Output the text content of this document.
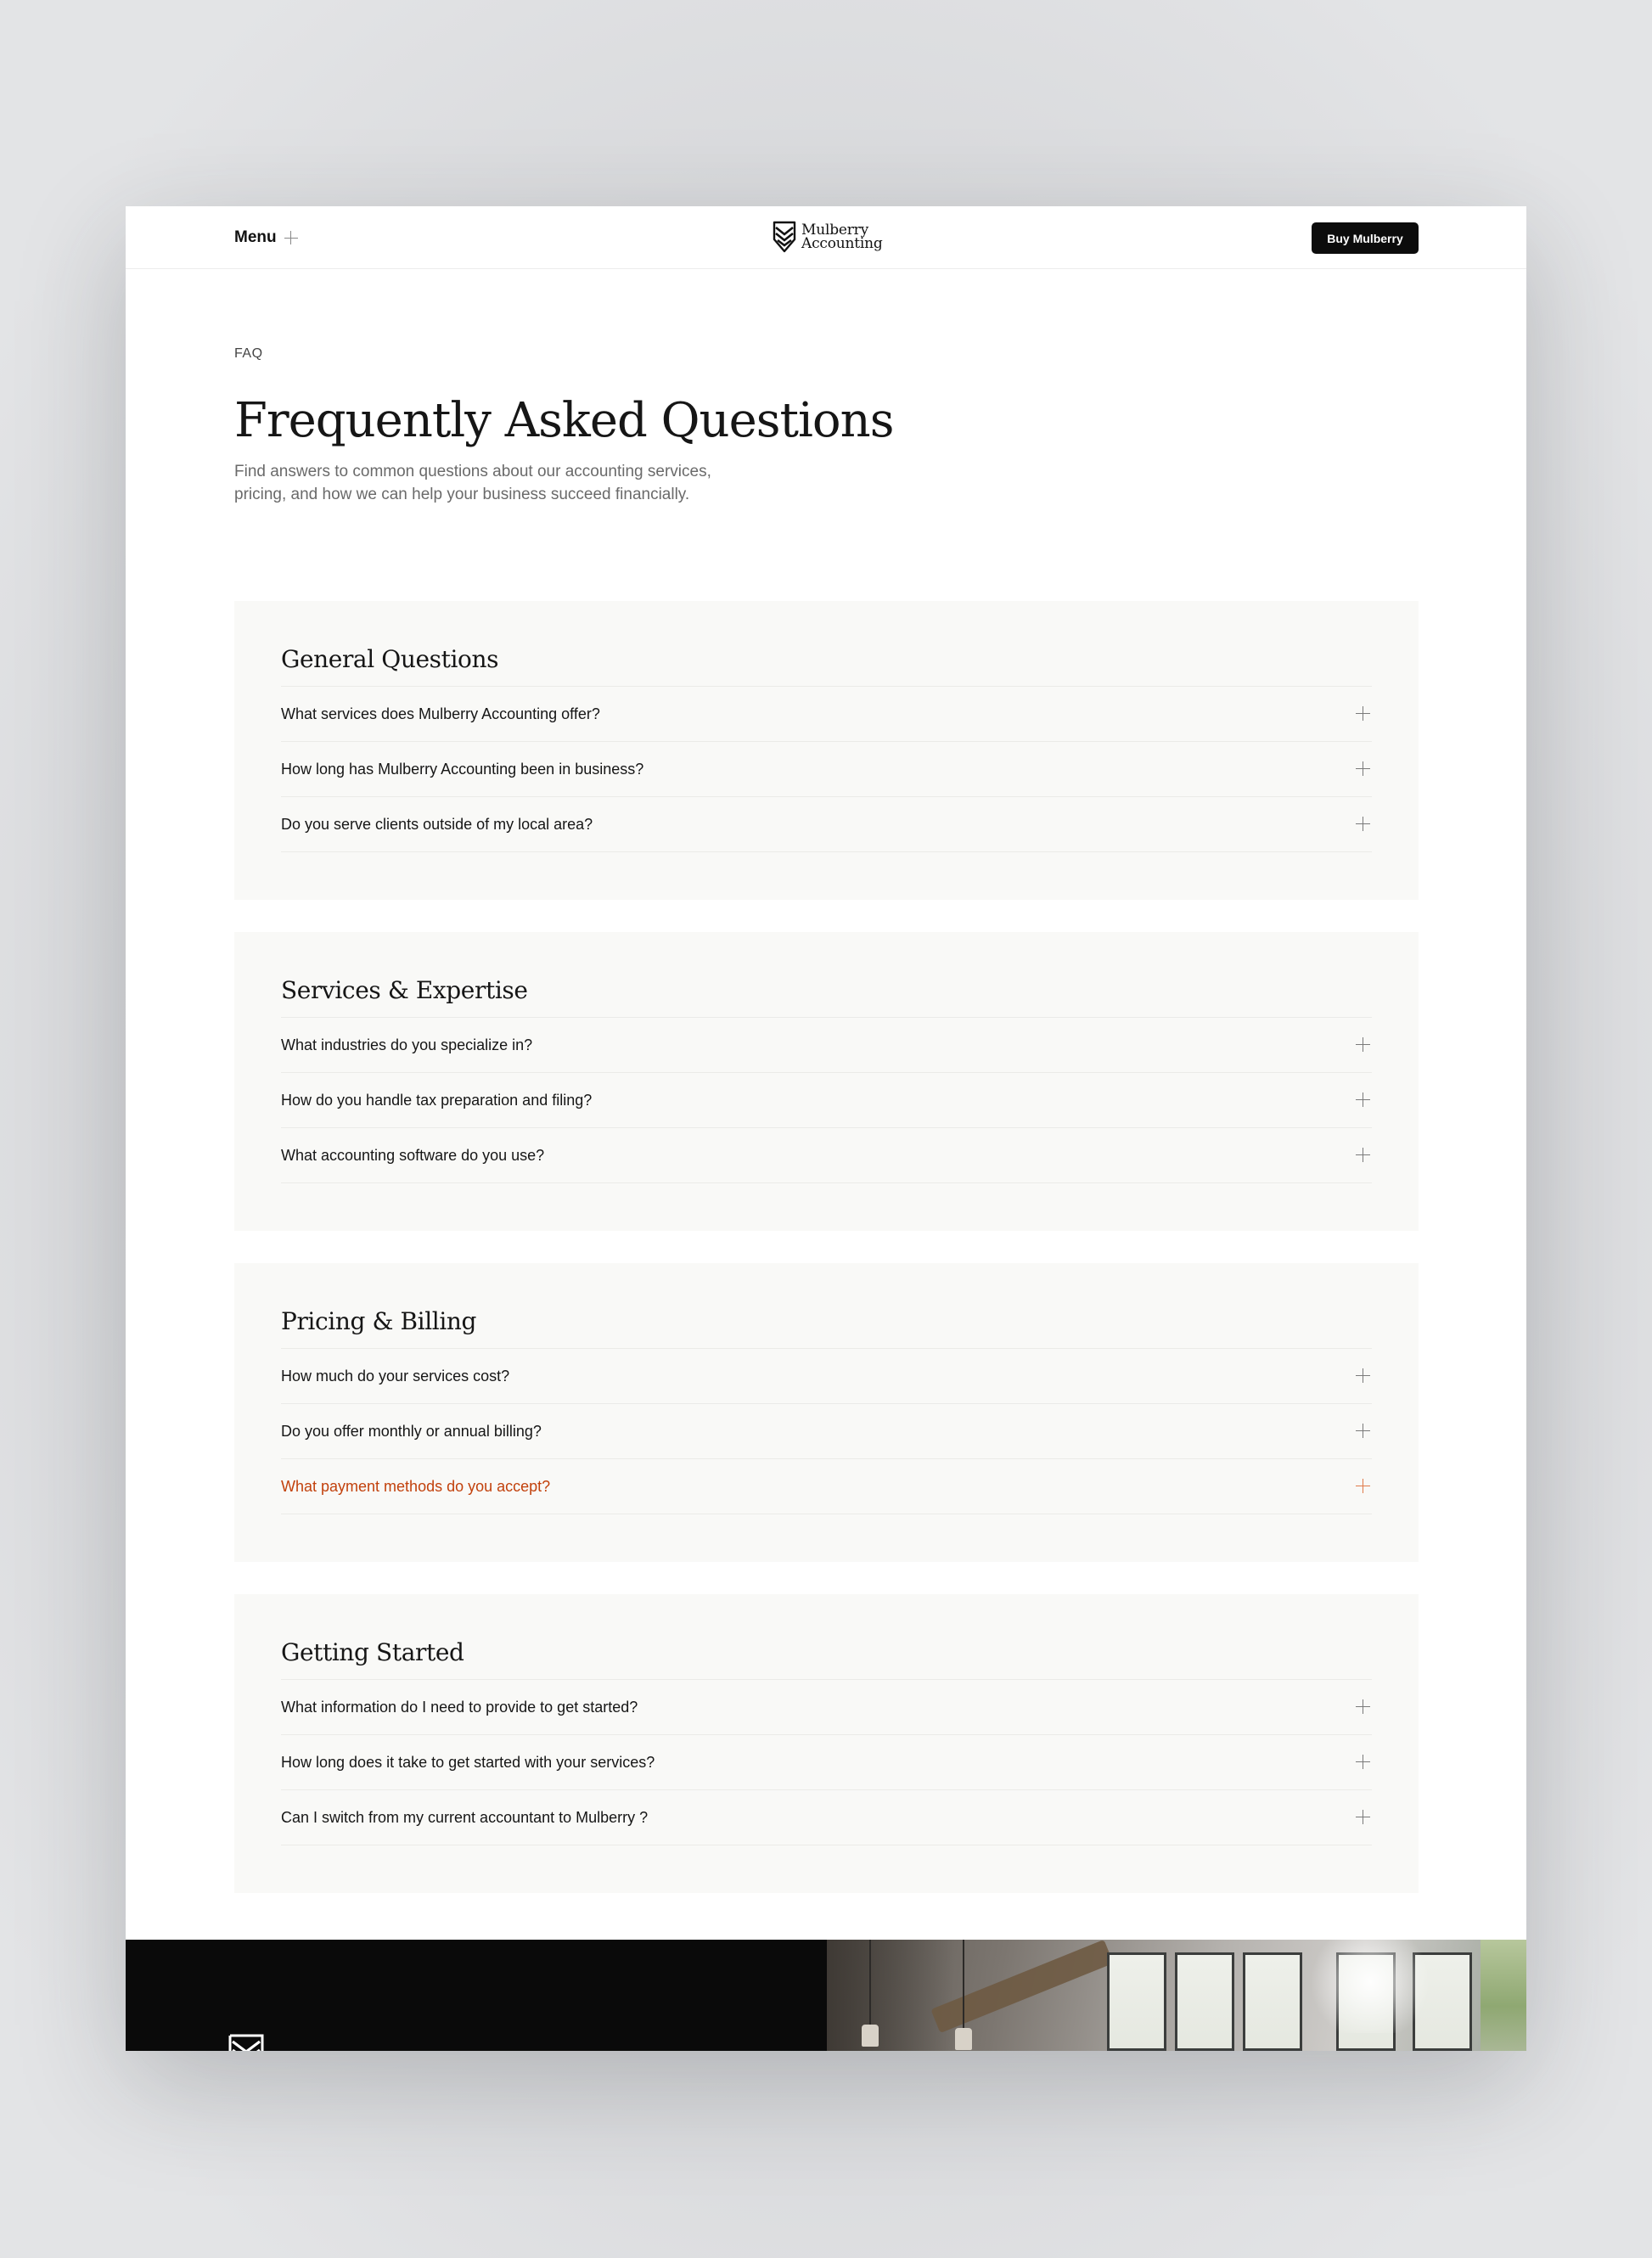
Menu	Mulberry
Accounting	Buy Mulberry
FAQ
Frequently Asked Questions

Find answers to common questions about our accounting services, pricing, and how we can help your business succeed financially.

General Questions
What services does Mulberry Accounting offer?
How long has Mulberry Accounting been in business?
Do you serve clients outside of my local area?
Services & Expertise
What industries do you specialize in?
How do you handle tax preparation and filing?
What accounting software do you use?
Pricing & Billing
How much do your services cost?
Do you offer monthly or annual billing?
What payment methods do you accept?
Getting Started
What information do I need to provide to get started?
How long does it take to get started with your services?
Can I switch from my current accountant to Mulberry ?
